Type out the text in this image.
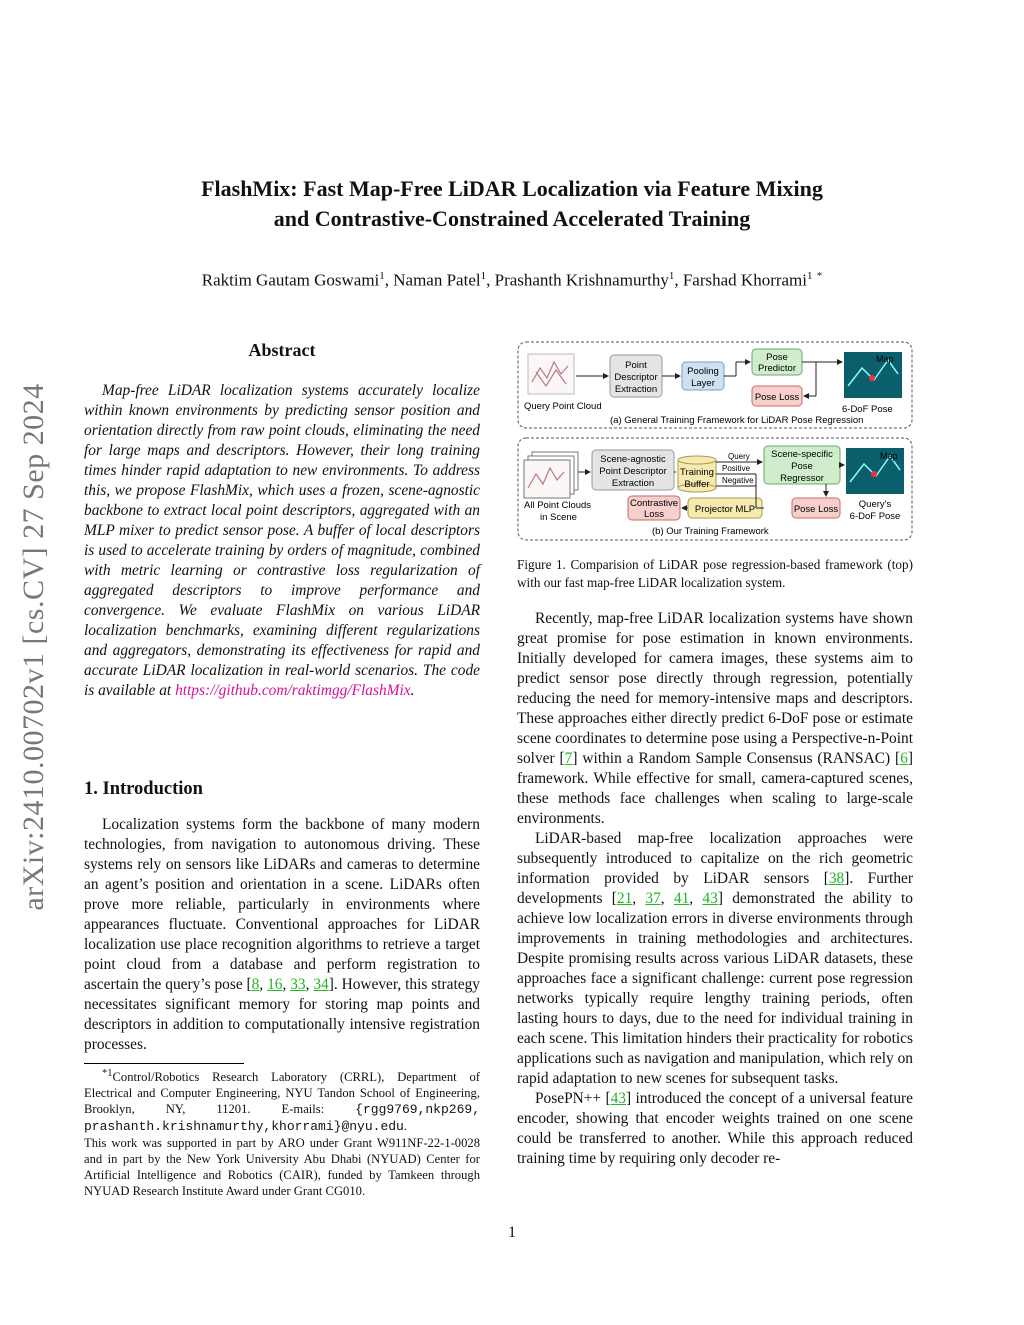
FlashMix: Fast Map-Free LiDAR Localization via Feature Mixing
and Contrastive-Constrained Accelerated Training
Raktim Gautam Goswami$^1$, Naman Patel$^1$, Prashanth Krishnamurthy$^1$, Farshad Khorrami$^1$ *
arXiv:2410.00702v1 [cs.CV] 27 Sep 2024
Abstract
Map-free LiDAR localization systems accurately localize within known environments by predicting sensor position and orientation directly from raw point clouds, eliminating the need for large maps and descriptors. However, their long training times hinder rapid adaptation to new environments. To address this, we propose FlashMix, which uses a frozen, scene-agnostic backbone to extract local point descriptors, aggregated with an MLP mixer to predict sensor pose. A buffer of local descriptors is used to accelerate training by orders of magnitude, combined with metric learning or contrastive loss regularization of aggregated descriptors to improve performance and convergence. We evaluate FlashMix on various LiDAR localization benchmarks, examining different regularizations and aggregators, demonstrating its effectiveness for rapid and accurate LiDAR localization in real-world scenarios. The code is available at https://github.com/raktimgg/FlashMix.
1. Introduction

Localization systems form the backbone of many modern technologies, from navigation to autonomous driving. These systems rely on sensors like LiDARs and cameras to determine an agent’s position and orientation in a scene. LiDARs often prove more reliable, particularly in environments where appearances fluctuate. Conventional approaches for LiDAR localization use place recognition algorithms to retrieve a target point cloud from a database and perform registration to ascertain the query’s pose [8, 16, 33, 34]. However, this strategy necessitates significant memory for storing map points and descriptors in addition to computationally intensive registration processes.

$^{*1}$Control/Robotics Research Laboratory (CRRL), Department of Electrical and Computer Engineering, NYU Tandon School of Engineering, Brooklyn, NY, 11201. E-mails: {rgg9769,nkp269, prashanth.krishnamurthy,khorrami}@nyu.edu.

This work was supported in part by ARO under Grant W911NF-22-1-0028 and in part by the New York University Abu Dhabi (NYUAD) Center for Artificial Intelligence and Robotics (CAIR), funded by Tamkeen through NYUAD Research Institute Award under Grant CG010.

Query Point Cloud
Point
Descriptor
Extraction
Pooling
Layer
Pose
Predictor
Pose Loss
Map
6-DoF Pose
(a) General Training Framework for LiDAR Pose Regression
All Point Clouds
in Scene
Scene-agnostic
Point Descriptor
Extraction
Training
Buffer
Query
Positive
Negative
Scene-specific
Pose
Regressor
Map
Contrastive
Loss	Projector MLP	Pose Loss Query's
6-DoF Pose
(b) Our Training Framework
Figure 1. Comparision of LiDAR pose regression-based framework (top) with our fast map-free LiDAR localization system.

Recently, map-free LiDAR localization systems have shown great promise for pose estimation in known environments. Initially developed for camera images, these systems aim to predict sensor pose directly through regression, potentially reducing the need for memory-intensive maps and descriptors. These approaches either directly predict 6-DoF pose or estimate scene coordinates to determine pose using a Perspective-n-Point solver [7] within a Random Sample Consensus (RANSAC) [6] framework. While effective for small, camera-captured scenes, these methods face challenges when scaling to large-scale environments.

LiDAR-based map-free localization approaches were subsequently introduced to capitalize on the rich geometric information provided by LiDAR sensors [38]. Further developments [21, 37, 41, 43] demonstrated the ability to achieve low localization errors in diverse environments through improvements in training methodologies and architectures. Despite promising results across various LiDAR datasets, these approaches face a significant challenge: current pose regression networks typically require lengthy training periods, often lasting hours to days, due to the need for individual training in each scene. This limitation hinders their practicality for robotics applications such as navigation and manipulation, which rely on rapid adaptation to new scenes for subsequent tasks.

PosePN++ [43] introduced the concept of a universal feature encoder, showing that encoder weights trained on one scene could be transferred to another. While this approach reduced training time by requiring only decoder re-

1
